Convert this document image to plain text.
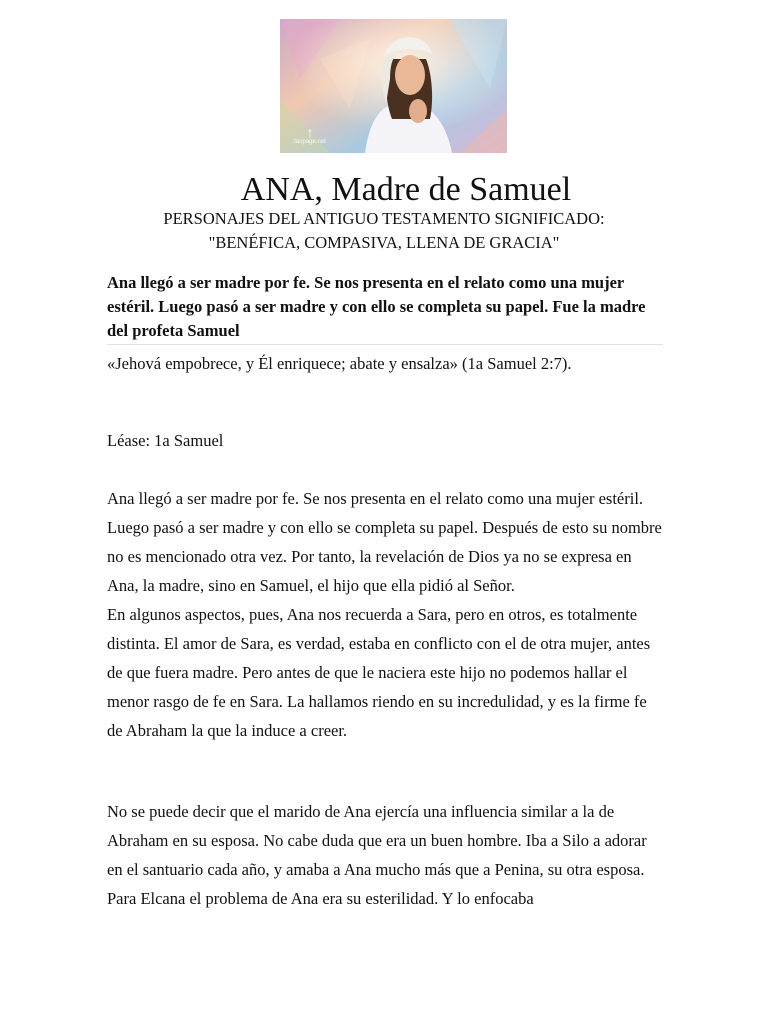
↑
fanpage.net
ANA, Madre de Samuel
PERSONAJES DEL ANTIGUO TESTAMENTO SIGNIFICADO:
"BENÉFICA, COMPASIVA, LLENA DE GRACIA"
Ana llegó a ser madre por fe. Se nos presenta en el relato como una mujer estéril. Luego pasó a ser madre y con ello se completa su papel. Fue la madre del profeta Samuel
«Jehová empobrece, y Él enriquece; abate y ensalza» (1a Samuel 2:7).
Léase: 1a Samuel
Ana llegó a ser madre por fe. Se nos presenta en el relato como una mujer estéril. Luego pasó a ser madre y con ello se completa su papel. Después de esto su nombre no es mencionado otra vez. Por tanto, la revelación de Dios ya no se expresa en Ana, la madre, sino en Samuel, el hijo que ella pidió al Señor.
En algunos aspectos, pues, Ana nos recuerda a Sara, pero en otros, es totalmente distinta. El amor de Sara, es verdad, estaba en conflicto con el de otra mujer, antes de que fuera madre. Pero antes de que le naciera este hijo no podemos hallar el menor rasgo de fe en Sara. La hallamos riendo en su incredulidad, y es la firme fe de Abraham la que la induce a creer.
No se puede decir que el marido de Ana ejercía una influencia similar a la de Abraham en su esposa. No cabe duda que era un buen hombre. Iba a Silo a adorar en el santuario cada año, y amaba a Ana mucho más que a Penina, su otra esposa. Para Elcana el problema de Ana era su esterilidad. Y lo enfocaba
